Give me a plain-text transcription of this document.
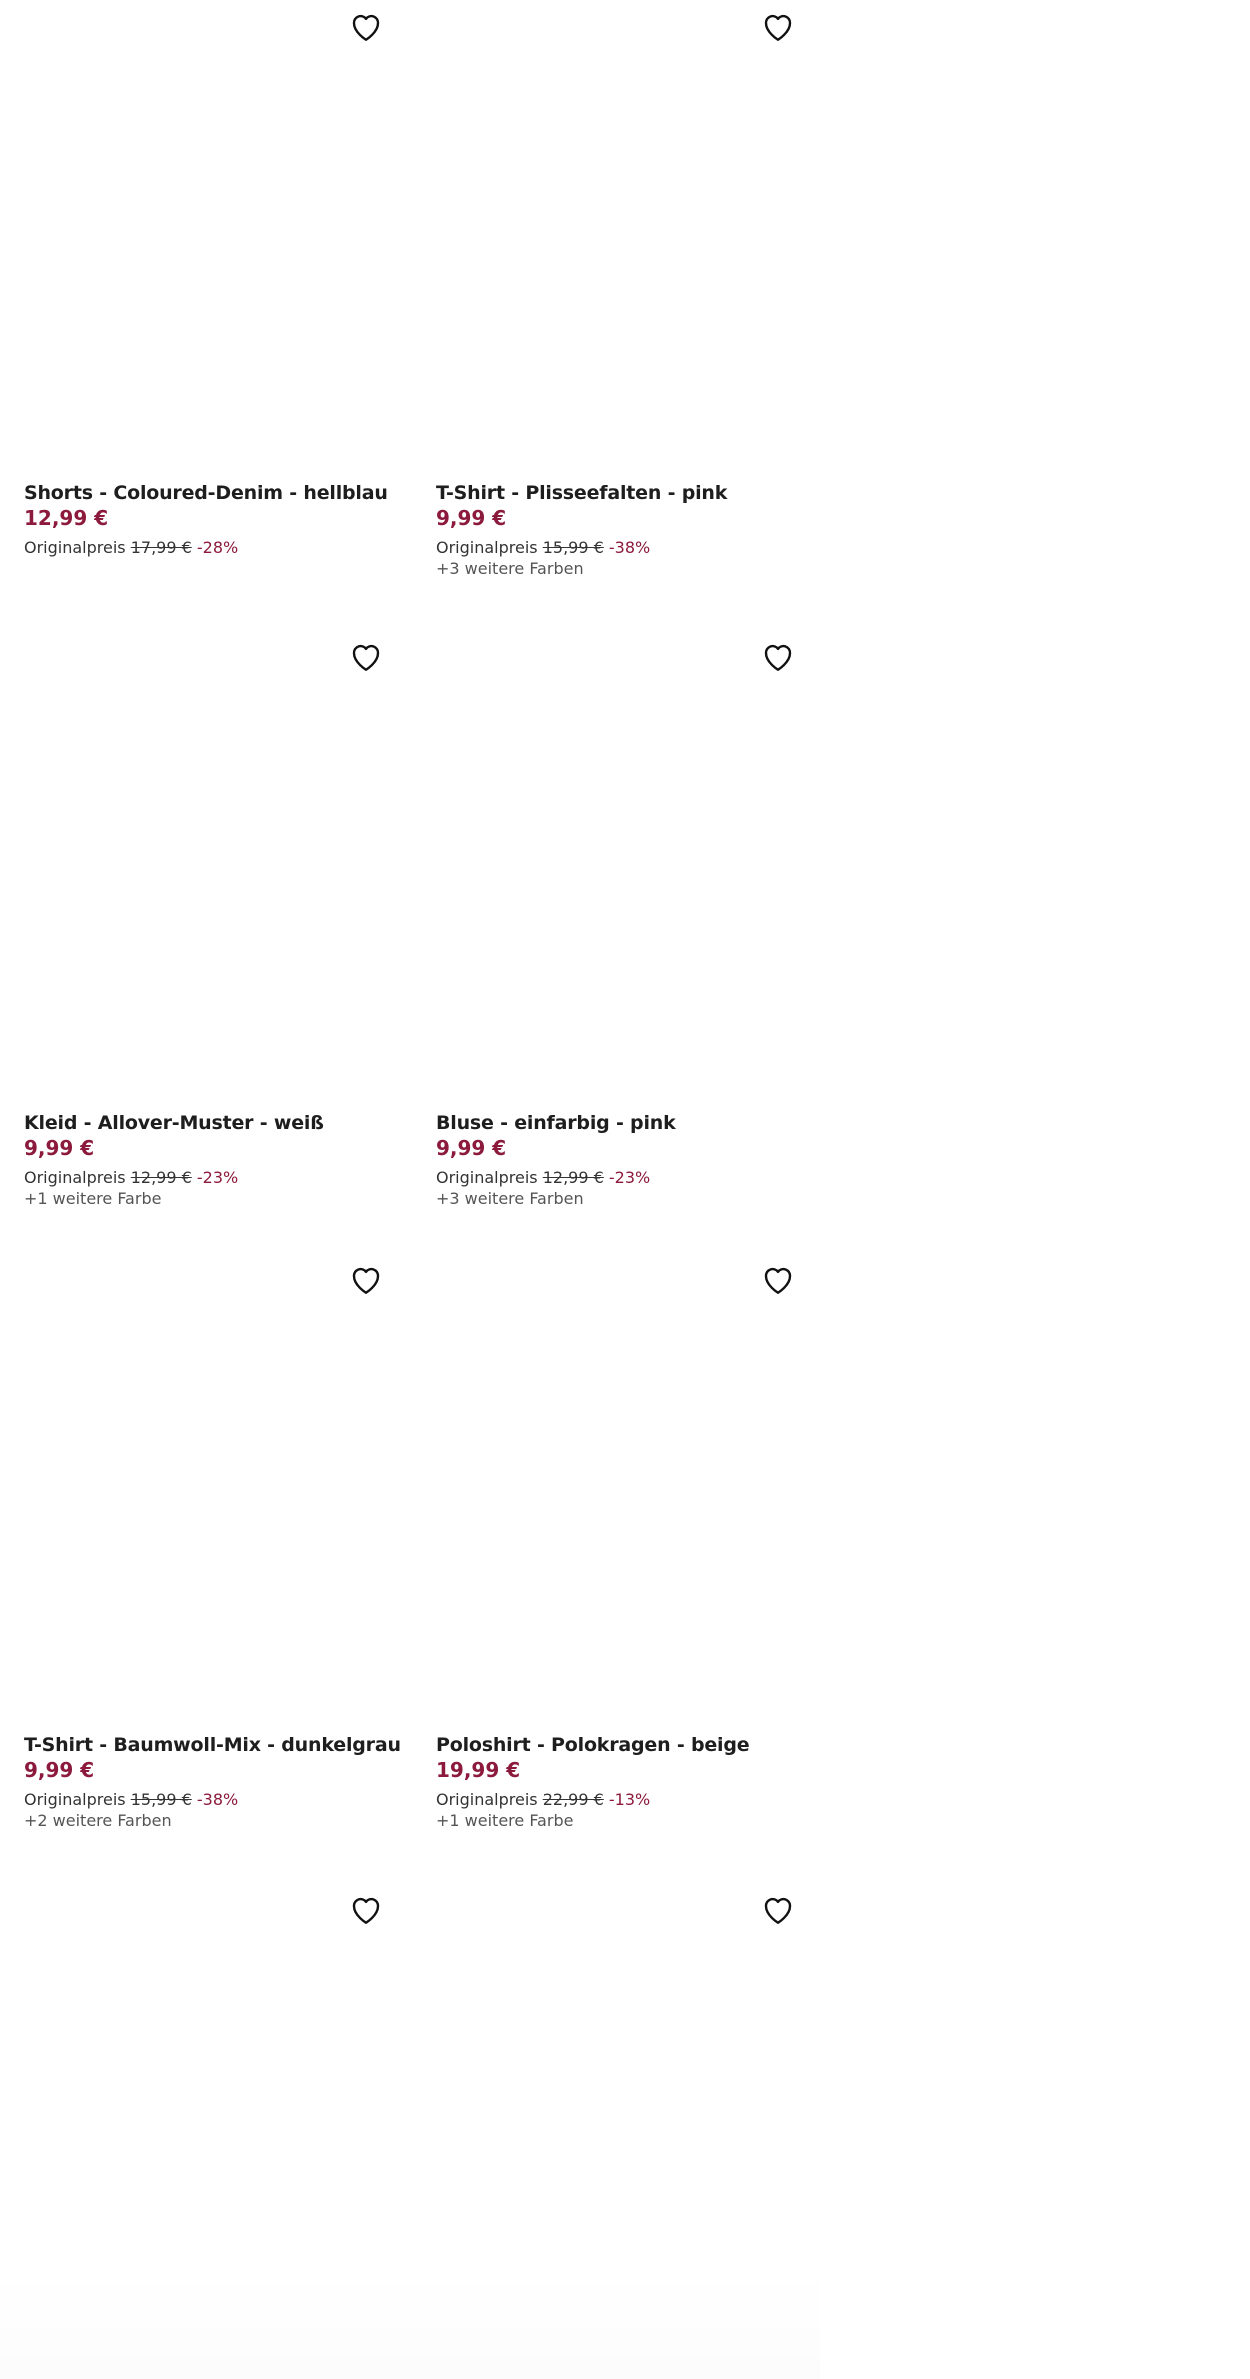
Shorts - Coloured-Denim - hellblau
12,99 €
Originalpreis 17,99 € -28%
T-Shirt - Plisseefalten - pink
9,99 €
Originalpreis 15,99 € -38%
+3 weitere Farben
Kleid - Allover-Muster - weiß
9,99 €
Originalpreis 12,99 € -23%
+1 weitere Farbe
Bluse - einfarbig - pink
9,99 €
Originalpreis 12,99 € -23%
+3 weitere Farben
T-Shirt - Baumwoll-Mix - dunkelgrau
9,99 €
Originalpreis 15,99 € -38%
+2 weitere Farben
Poloshirt - Polokragen - beige
19,99 €
Originalpreis 22,99 € -13%
+1 weitere Farbe
